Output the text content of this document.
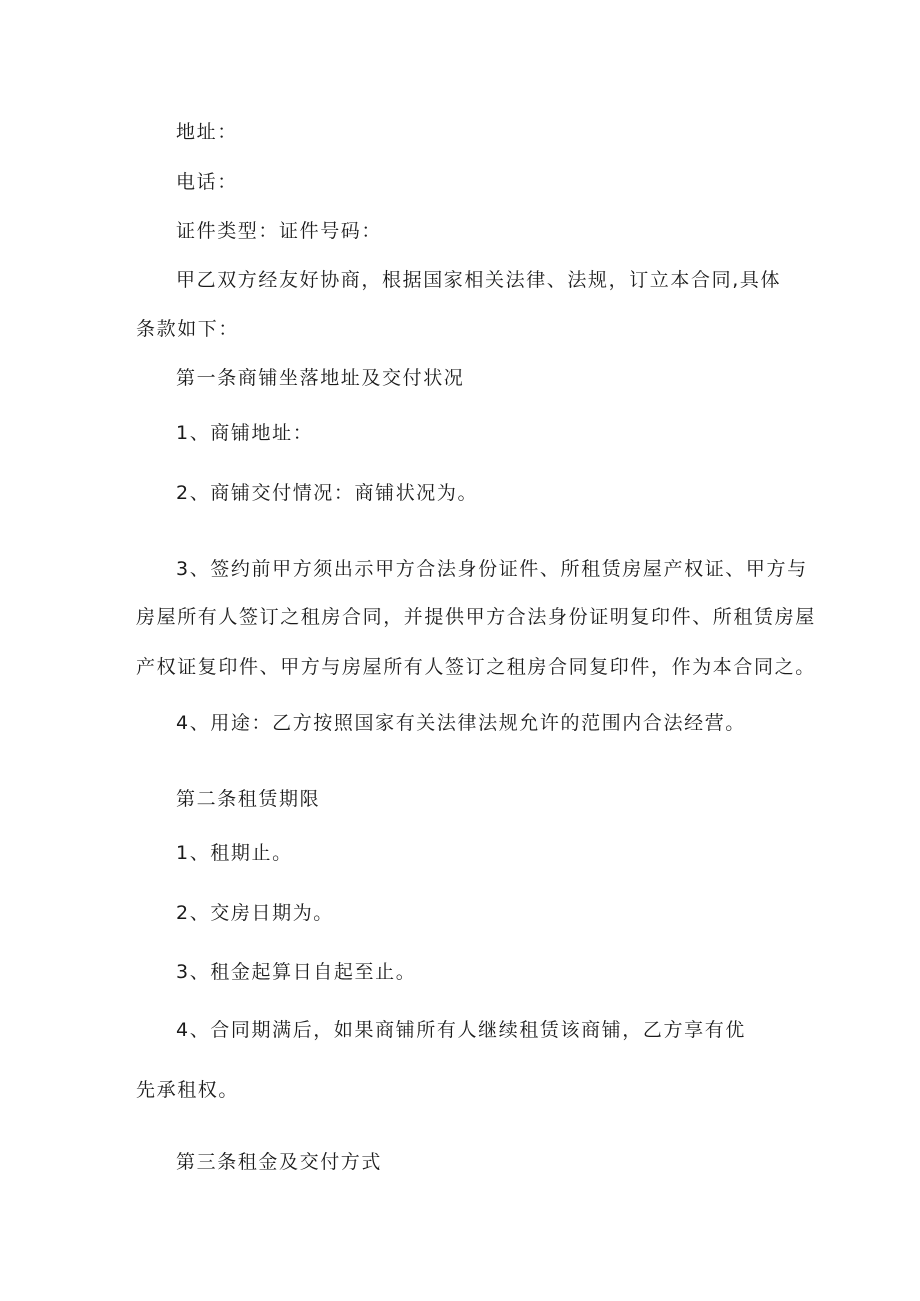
地址：
电话：
证件类型：证件号码：
甲乙双方经友好协商，根据国家相关法律、法规，订立本合同,具体
条款如下：
第一条商铺坐落地址及交付状况
1、商铺地址：
2、商铺交付情况：商铺状况为。
3、签约前甲方须出示甲方合法身份证件、所租赁房屋产权证、甲方与
房屋所有人签订之租房合同，并提供甲方合法身份证明复印件、所租赁房屋
产权证复印件、甲方与房屋所有人签订之租房合同复印件，作为本合同之。
4、用途：乙方按照国家有关法律法规允许的范围内合法经营。
第二条租赁期限
1、租期止。
2、交房日期为。
3、租金起算日自起至止。
4、合同期满后，如果商铺所有人继续租赁该商铺，乙方享有优
先承租权。
第三条租金及交付方式
